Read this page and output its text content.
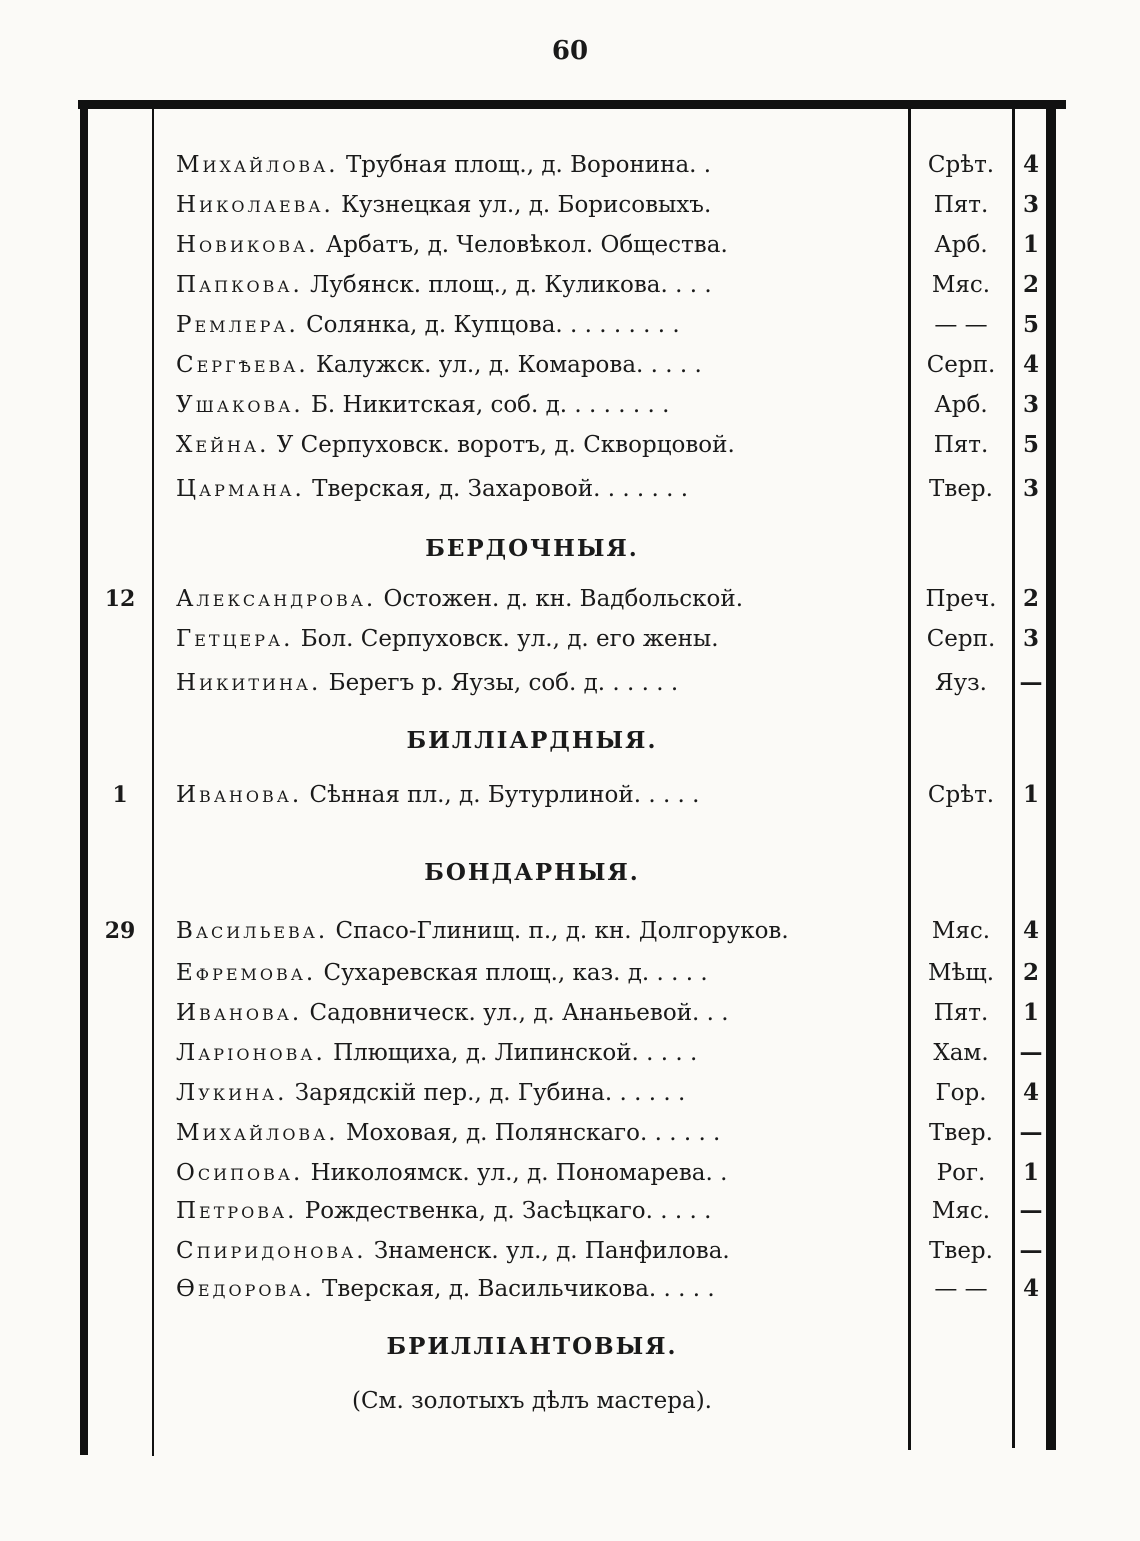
60
Михайлова. Трубная площ., д. Воронина. .	Срѣт.	4
Николаева. Кузнецкая ул., д. Борисовыхъ.	Пят.	3
Новикова. Арбатъ, д. Человѣкол. Общества.	Арб.	1
Папкова. Лубянск. площ., д. Куликова. . . .	Мяс.	2
Ремлера. Солянка, д. Купцова. . . . . . . . .	— —	5
Сергѣева. Калужск. ул., д. Комарова. . . . .	Серп.	4
Ушакова. Б. Никитская, соб. д. . . . . . . .	Арб.	3
Хейна. У Серпуховск. воротъ, д. Скворцовой.	Пят.	5
Цармана. Тверская, д. Захаровой. . . . . . .	Твер.	3
БЕРДОЧНЫЯ.
12	Александрова. Остожен. д. кн. Вадбольской.	Преч.	2
Гетцера. Бол. Серпуховск. ул., д. его жены.	Серп.	3
Никитина. Берегъ р. Яузы, соб. д. . . . . .	Яуз.	—
БИЛЛІАРДНЫЯ.
1	Иванова. Сѣнная пл., д. Бутурлиной. . . . .	Срѣт.	1
БОНДАРНЫЯ.
29	Васильева. Спасо-Глинищ. п., д. кн. Долгоруков.	Мяс.	4
Ефремова. Сухаревская площ., каз. д. . . . .	Мѣщ.	2
Иванова. Садовническ. ул., д. Ананьевой. . .	Пят.	1
Ларіонова. Плющиха, д. Липинской. . . . .	Хам.	—
Лукина. Зарядскій пер., д. Губина. . . . . .	Гор.	4
Михайлова. Моховая, д. Полянскаго. . . . . .	Твер.	—
Осипова. Николоямск. ул., д. Пономарева. .	Рог.	1
Петрова. Рождественка, д. Засѣцкаго. . . . .	Мяс.	—
Спиридонова. Знаменск. ул., д. Панфилова.	Твер.	—
Ѳедорова. Тверская, д. Васильчикова. . . . .	— —	4
БРИЛЛІАНТОВЫЯ.
(См. золотыхъ дѣлъ мастера).
